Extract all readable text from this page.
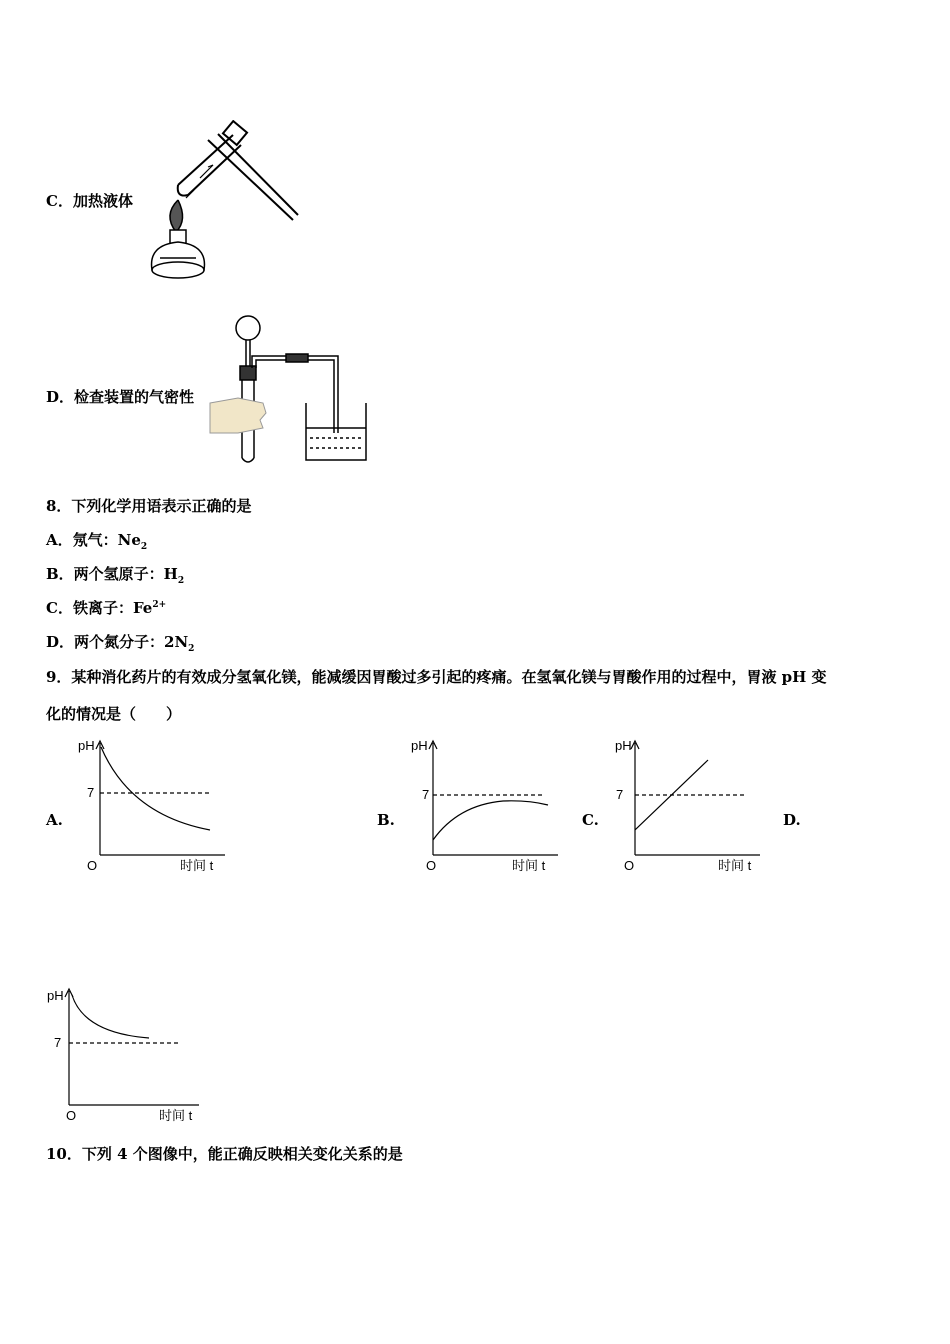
C．加热液体
D．检查装置的气密性
8．下列化学用语表示正确的是
A．氖气：$Ne_2$
B．两个氢原子：$H_2$
C．铁离子：$Fe^{2+}$
D．两个氮分子：$2N_2$
9．某种消化药片的有效成分氢氧化镁，能减缓因胃酸过多引起的疼痛。在氢氧化镁与胃酸作用的过程中，胃液 pH 变
化的情况是（　　）
A.	B.	C.	D.
pH
7
O	时间 t
pH
7
O	时间 t
pH
7
O	时间 t
pH
7
O	时间 t
10．下列 4 个图像中，能正确反映相关变化关系的是
